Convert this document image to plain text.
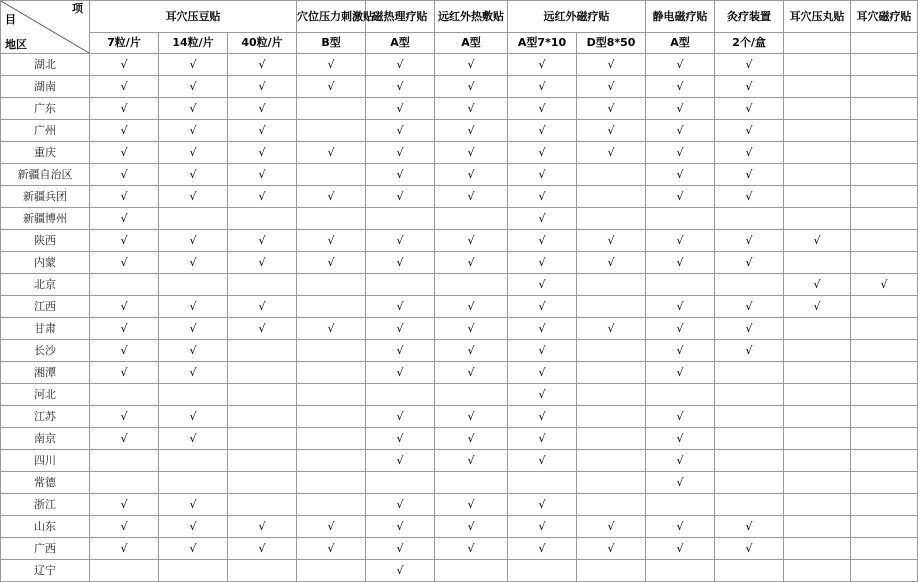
项
目
地区	耳穴压豆贴			穴位压力刺激贴	磁热理疗贴	远红外热敷贴	远红外磁疗贴		静电磁疗贴	灸疗装置	耳穴压丸贴	耳穴磁疗贴
	7粒/片	14粒/片	40粒/片	B型	A型	A型	A型7*10	D型8*50	A型	2个/盒		
湖北	√	√	√	√	√	√	√	√	√	√		
湖南	√	√	√	√	√	√	√	√	√	√		
广东	√	√	√		√	√	√	√	√	√		
广州	√	√	√		√	√	√	√	√	√		
重庆	√	√	√	√	√	√	√	√	√	√		
新疆自治区	√	√	√		√	√	√		√	√		
新疆兵团	√	√	√	√	√	√	√		√	√		
新疆博州	√						√					
陕西	√	√	√	√	√	√	√	√	√	√	√	
内蒙	√	√	√	√	√	√	√	√	√	√		
北京							√				√	√
江西	√	√	√		√	√	√		√	√	√	
甘肃	√	√	√	√	√	√	√	√	√	√		
长沙	√	√			√	√	√		√	√		
湘潭	√	√			√	√	√		√			
河北							√					
江苏	√	√			√	√	√		√			
南京	√	√			√	√	√		√			
四川					√	√	√		√			
常德									√			
浙江	√	√			√	√	√					
山东	√	√	√	√	√	√	√	√	√	√		
广西	√	√	√	√	√	√	√	√	√	√		
辽宁					√							
